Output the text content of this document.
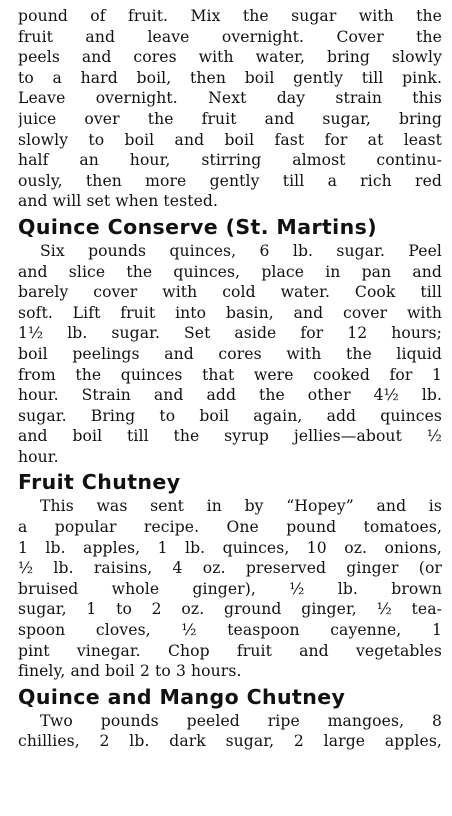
pound of fruit. Mix the sugar with the
fruit and leave overnight. Cover the
peels and cores with water, bring slowly
to a hard boil, then boil gently till pink.
Leave overnight. Next day strain this
juice over the fruit and sugar, bring
slowly to boil and boil fast for at least
half an hour, stirring almost continu-
ously, then more gently till a rich red
and will set when tested.
Quince Conserve (St. Martins)
Six pounds quinces, 6 lb. sugar. Peel
and slice the quinces, place in pan and
barely cover with cold water. Cook till
soft. Lift fruit into basin, and cover with
1½ lb. sugar. Set aside for 12 hours;
boil peelings and cores with the liquid
from the quinces that were cooked for 1
hour. Strain and add the other 4½ lb.
sugar. Bring to boil again, add quinces
and boil till the syrup jellies—about ½
hour.
Fruit Chutney
This was sent in by “Hopey” and is
a popular recipe. One pound tomatoes,
1 lb. apples, 1 lb. quinces, 10 oz. onions,
½ lb. raisins, 4 oz. preserved ginger (or
bruised whole ginger), ½ lb. brown
sugar, 1 to 2 oz. ground ginger, ½ tea-
spoon cloves, ½ teaspoon cayenne, 1
pint vinegar. Chop fruit and vegetables
finely, and boil 2 to 3 hours.
Quince and Mango Chutney
Two pounds peeled ripe mangoes, 8
chillies, 2 lb. dark sugar, 2 large apples,
